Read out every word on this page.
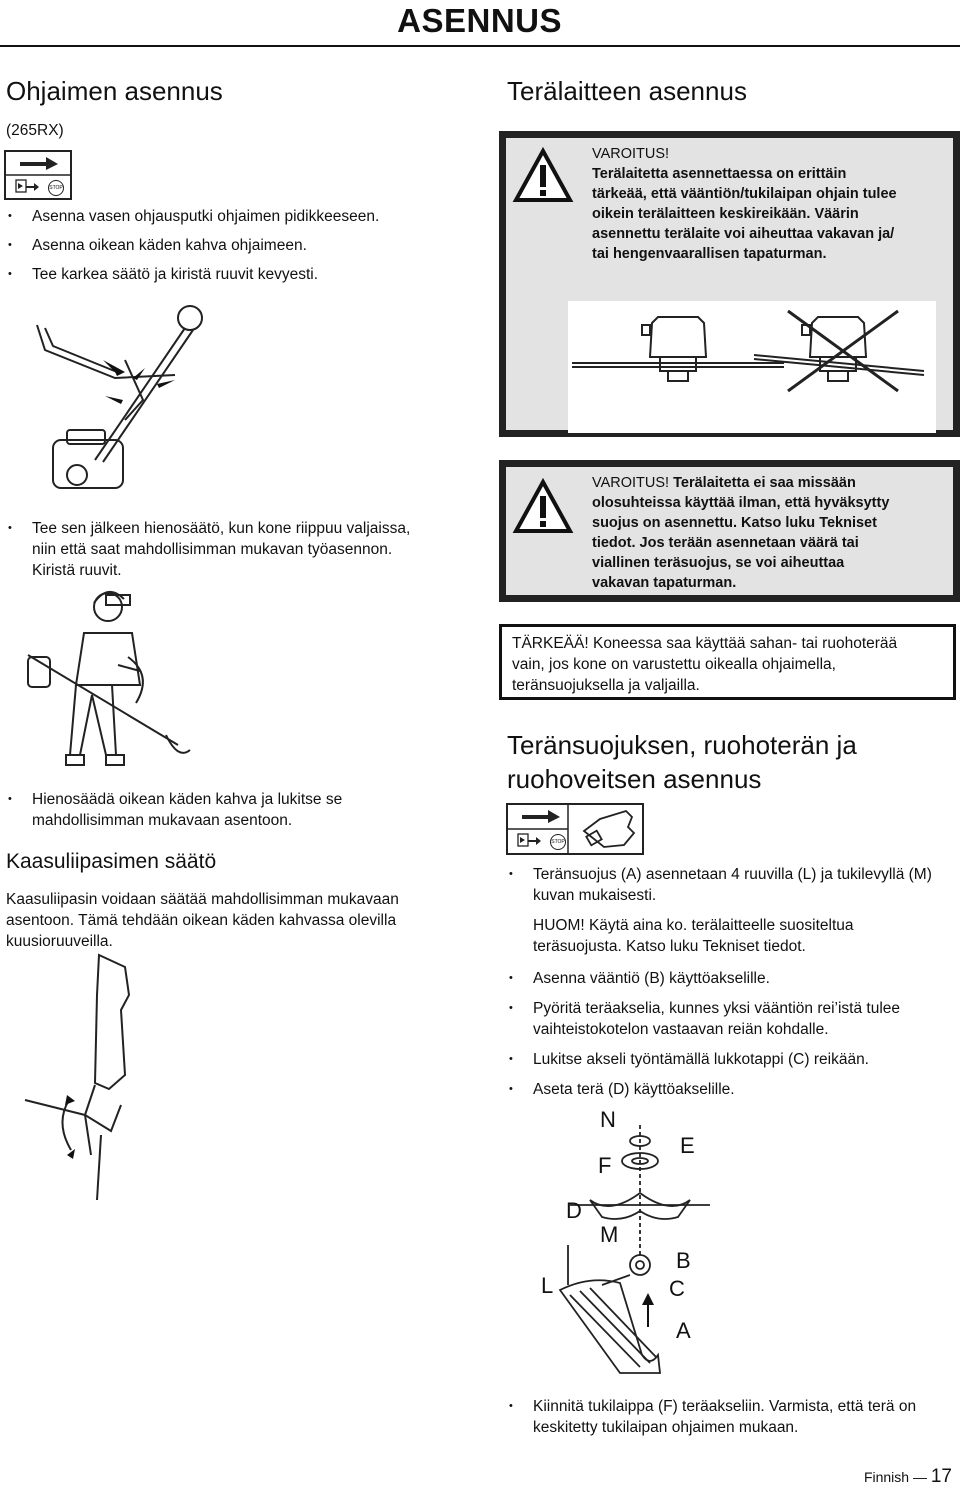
ASENNUS
Ohjaimen asennus
(265RX)
STOP
• Asenna vasen ohjausputki ohjaimen pidikkeeseen.
• Asenna oikean käden kahva ohjaimeen.
• Tee karkea säätö ja kiristä ruuvit kevyesti.
• Tee sen jälkeen hienosäätö, kun kone riippuu valjaissa,
niin että saat mahdollisimman mukavan työasennon.
Kiristä ruuvit.
• Hienosäädä oikean käden kahva ja lukitse se
mahdollisimman mukavaan asentoon.
Kaasuliipasimen säätö
Kaasuliipasin voidaan säätää mahdollisimman mukavaan
asentoon. Tämä tehdään oikean käden kahvassa olevilla
kuusioruuveilla.
Terälaitteen asennus
VAROITUS!
Terälaitetta asennettaessa on erittäin
tärkeää, että vääntiön/tukilaipan ohjain tulee
oikein terälaitteen keskireikään. Väärin
asennettu terälaite voi aiheuttaa vakavan ja/
tai hengenvaarallisen tapaturman.
VAROITUS! Terälaitetta ei saa missään
olosuhteissa käyttää ilman, että hyväksytty
suojus on asennettu. Katso luku Tekniset
tiedot. Jos terään asennetaan väärä tai
viallinen teräsuojus, se voi aiheuttaa
vakavan tapaturman.
TÄRKEÄÄ! Koneessa saa käyttää sahan- tai ruohoterää
vain, jos kone on varustettu oikealla ohjaimella,
teränsuojuksella ja valjailla.
Teränsuojuksen, ruohoterän ja
ruohoveitsen asennus
STOP
• Teränsuojus (A) asennetaan 4 ruuvilla (L) ja tukilevyllä (M)
kuvan mukaisesti.
HUOM! Käytä aina ko. terälaitteelle suositeltua
teräsuojusta. Katso luku Tekniset tiedot.
• Asenna vääntiö (B) käyttöakselille.
• Pyöritä teräakselia, kunnes yksi vääntiön rei’istä tulee
vaihteistokotelon vastaavan reiän kohdalle.
• Lukitse akseli työntämällä lukkotappi (C) reikään.
• Aseta terä (D) käyttöakselille.
N
E
F
D
M
B
L	C
A
• Kiinnitä tukilaippa (F) teräakseliin. Varmista, että terä on
keskitetty tukilaipan ohjaimen mukaan.
Finnish — 17
